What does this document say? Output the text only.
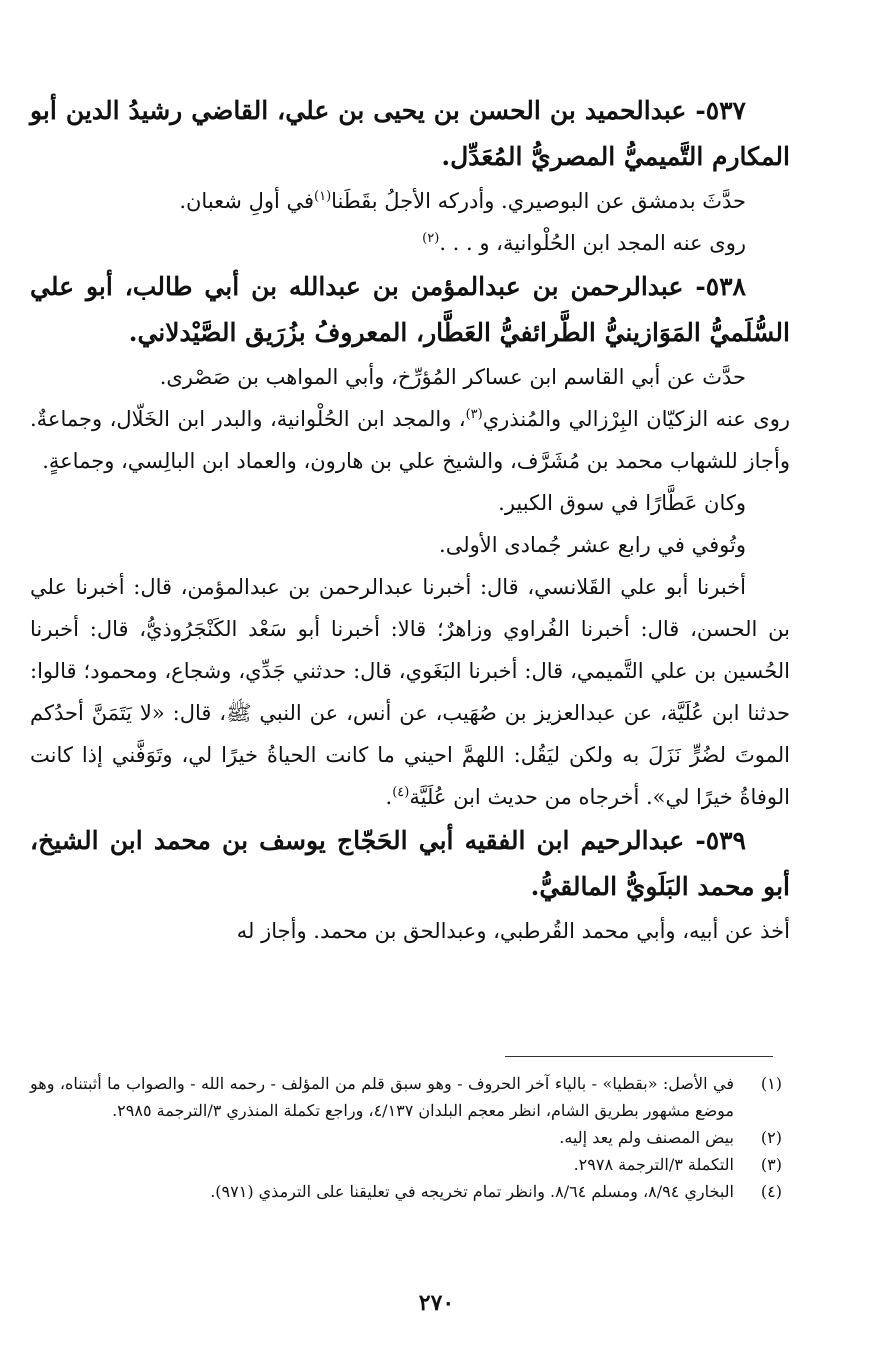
٥٣٧- عبدالحميد بن الحسن بن يحيى بن علي، القاضي رشيدُ الدين أبو المكارم التَّميميُّ المصريُّ المُعَدِّل.

حدَّثَ بدمشق عن البوصيري. وأدركه الأجلُ بقَطَنا$^{(١)}$في أولِ شعبان.

روى عنه المجد ابن الحُلْوانية، و . . .$^{(٢)}$

٥٣٨- عبدالرحمن بن عبدالمؤمن بن عبدالله بن أبي طالب، أبو علي السُّلَميُّ المَوَازينيُّ الطَّرائفيُّ العَطَّار، المعروفُ بزُرَيق الصَّيْدلاني.

حدَّث عن أبي القاسم ابن عساكر المُؤرِّخ، وأبي المواهب بن صَصْرى.

روى عنه الزكيّان البِرْزالي والمُنذري$^{(٣)}$، والمجد ابن الحُلْوانية، والبدر ابن الخَلّال، وجماعةٌ. وأجاز للشهاب محمد بن مُشَرَّف، والشيخ علي بن هارون، والعماد ابن البالِسي، وجماعةٍ.

وكان عَطَّارًا في سوق الكبير.

وتُوفي في رابع عشر جُمادى الأولى.

أخبرنا أبو علي القَلانسي، قال: أخبرنا عبدالرحمن بن عبدالمؤمن، قال: أخبرنا علي بن الحسن، قال: أخبرنا الفُراوي وزاهرٌ؛ قالا: أخبرنا أبو سَعْد الكَنْجَرُوذيُّ، قال: أخبرنا الحُسين بن علي التَّميمي، قال: أخبرنا البَغَوي، قال: حدثني جَدِّي، وشجاع، ومحمود؛ قالوا: حدثنا ابن عُلَيَّة، عن عبدالعزيز بن صُهَيب، عن أنس، عن النبي ﷺ، قال: «لا يَتَمَنَّ أحدُكم الموتَ لضُرٍّ نَزَلَ به ولكن ليَقُل: اللهمَّ احيني ما كانت الحياةُ خيرًا لي، وتَوَفَّني إذا كانت الوفاةُ خيرًا لي». أخرجاه من حديث ابن عُلَيَّة$^{(٤)}$.

٥٣٩- عبدالرحيم ابن الفقيه أبي الحَجّاج يوسف بن محمد ابن الشيخ، أبو محمد البَلَويُّ المالقيُّ.

أخذ عن أبيه، وأبي محمد القُرطبي، وعبدالحق بن محمد. وأجاز له

(١)
في الأصل: «بقطيا» - بالياء آخر الحروف - وهو سبق قلم من المؤلف - رحمه الله - والصواب ما أثبتناه، وهو موضع مشهور بطريق الشام، انظر معجم البلدان ٤/١٣٧، وراجع تكملة المنذري ٣/الترجمة ٢٩٨٥.
(٢)
بيض المصنف ولم يعد إليه.
(٣)
التكملة ٣/الترجمة ٢٩٧٨.
(٤)
البخاري ٨/٩٤، ومسلم ٨/٦٤. وانظر تمام تخريجه في تعليقنا على الترمذي (٩٧١).
٢٧٠
